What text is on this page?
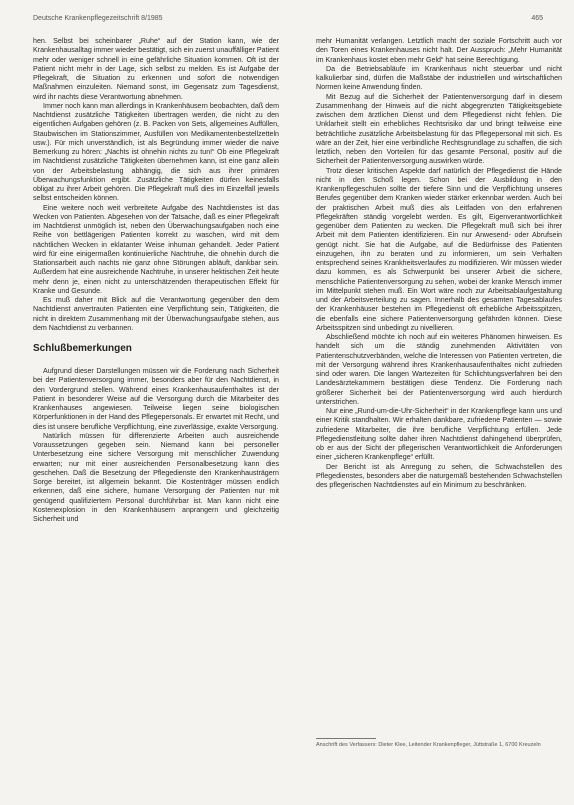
Deutsche Krankenpflegezeitschrift 8/1985	465

hen. Selbst bei scheinbarer „Ruhe“ auf der Station kann, wie der Krankenhausalltag immer wieder bestätigt, sich ein zuerst unauffälliger Patient mehr oder weniger schnell in eine gefährliche Situation kommen. Oft ist der Patient nicht mehr in der Lage, sich selbst zu melden. Es ist Aufgabe der Pflegekraft, die Situation zu erkennen und sofort die notwendigen Maßnahmen einzuleiten. Niemand sonst, im Gegensatz zum Tagesdienst, wird ihr nachts diese Verantwortung abnehmen.

Immer noch kann man allerdings in Krankenhäusern beobachten, daß dem Nachtdienst zusätzliche Tätigkeiten übertragen werden, die nicht zu den eigentlichen Aufgaben gehören (z. B. Packen von Sets, allgemeines Auffüllen, Staubwischen im Stationszimmer, Ausfüllen von Medikamentenbestellzetteln usw.). Für mich unverständlich, ist als Begründung immer wieder die naive Bemerkung zu hören: „Nachts ist ohnehin nichts zu tun!“ Ob eine Pflegekraft im Nachtdienst zusätzliche Tätigkeiten übernehmen kann, ist eine ganz allein von der Arbeitsbelastung abhängig, die sich aus ihrer primären Überwachungsfunktion ergibt. Zusätzliche Tätigkeiten dürfen keinesfalls obligat zu ihrer Arbeit gehören. Die Pflegekraft muß dies im Einzelfall jeweils selbst entscheiden können.

Eine weitere noch weit verbreitete Aufgabe des Nachtdienstes ist das Wecken von Patienten. Abgesehen von der Tatsache, daß es einer Pflegekraft im Nachtdienst unmöglich ist, neben den Überwachungsaufgaben noch eine Reihe von bettlägerigen Patienten korrekt zu waschen, wird mit dem nächtlichen Wecken in eklatanter Weise inhuman gehandelt. Jeder Patient wird für eine einigermaßen kontinuierliche Nachtruhe, die ohnehin durch die Stationsarbeit auch nachts nie ganz ohne Störungen abläuft, dankbar sein. Außerdem hat eine ausreichende Nachtruhe, in unserer hektischen Zeit heute mehr denn je, einen nicht zu unterschätzenden therapeutischen Effekt für Kranke und Gesunde.

Es muß daher mit Blick auf die Verantwortung gegenüber den dem Nachtdienst anvertrauten Patienten eine Verpflichtung sein, Tätigkeiten, die nicht in direktem Zusammenhang mit der Überwachungsaufgabe stehen, aus dem Nachtdienst zu verbannen.

Schlußbemerkungen

Aufgrund dieser Darstellungen müssen wir die Forderung nach Sicherheit bei der Patientenversorgung immer, besonders aber für den Nachtdienst, in den Vordergrund stellen. Während eines Krankenhausaufenthaltes ist der Patient in besonderer Weise auf die Versorgung durch die Mitarbeiter des Krankenhauses angewiesen. Teilweise liegen seine biologischen Körperfunktionen in der Hand des Pflegepersonals. Er erwartet mit Recht, und dies ist unsere berufliche Verpflichtung, eine zuverlässige, exakte Versorgung.

Natürlich müssen für differenzierte Arbeiten auch ausreichende Voraussetzungen gegeben sein. Niemand kann bei personeller Unterbesetzung eine sichere Versorgung mit menschlicher Zuwendung erwarten; nur mit einer ausreichenden Personalbesetzung kann dies geschehen. Daß die Besetzung der Pflegedienste den Krankenhausträgern Sorge bereitet, ist allgemein bekannt. Die Kostenträger müssen endlich erkennen, daß eine sichere, humane Versorgung der Patienten nur mit genügend qualifiziertem Personal durchführbar ist. Man kann nicht eine Kostenexplosion in den Krankenhäusern anprangern und gleichzeitig Sicherheit und

mehr Humanität verlangen. Letztlich macht der soziale Fortschritt auch vor den Toren eines Krankenhauses nicht halt. Der Ausspruch: „Mehr Humanität im Krankenhaus kostet eben mehr Geld“ hat seine Berechtigung.

Da die Betriebsabläufe im Krankenhaus nicht steuerbar und nicht kalkulierbar sind, dürfen die Maßstäbe der industriellen und wirtschaftlichen Normen keine Anwendung finden.

Mit Bezug auf die Sicherheit der Patientenversorgung darf in diesem Zusammenhang der Hinweis auf die nicht abgegrenzten Tätigkeitsgebiete zwischen dem ärztlichen Dienst und dem Pflegedienst nicht fehlen. Die Unklarheit stellt ein erhebliches Rechtsrisiko dar und bringt teilweise eine beträchtliche zusätzliche Arbeitsbelastung für das Pflegepersonal mit sich. Es wäre an der Zeit, hier eine verbindliche Rechtsgrundlage zu schaffen, die sich letztlich, neben den Vorteilen für das gesamte Personal, positiv auf die Sicherheit der Patientenversorgung auswirken würde.

Trotz dieser kritischen Aspekte darf natürlich der Pflegedienst die Hände nicht in den Schoß legen. Schon bei der Ausbildung in den Krankenpflegeschulen sollte der tiefere Sinn und die Verpflichtung unseres Berufes gegenüber dem Kranken wieder stärker erkennbar werden. Auch bei der praktischen Arbeit muß dies als Leitfaden von den erfahrenen Pflegekräften ständig vorgelebt werden. Es gilt, Eigenverantwortlichkeit gegenüber dem Patienten zu wecken. Die Pflegekraft muß sich bei ihrer Arbeit mit dem Patienten identifizieren. Ein nur Anwesend- oder Abrufsein genügt nicht. Sie hat die Aufgabe, auf die Bedürfnisse des Patienten einzugehen, ihn zu beraten und zu informieren, um sein Verhalten entsprechend seines Krankheitsverlaufes zu modifizieren. Wir müssen wieder dazu kommen, es als Schwerpunkt bei unserer Arbeit die sichere, menschliche Patientenversorgung zu sehen, wobei der kranke Mensch immer im Mittelpunkt stehen muß. Ein Wort wäre noch zur Arbeitsablaufgestaltung und der Arbeitsverteilung zu sagen. Innerhalb des gesamten Tagesablaufes der Krankenhäuser bestehen im Pflegedienst oft erhebliche Arbeitsspitzen, die ebenfalls eine sichere Patientenversorgung gefährden können. Diese Arbeitsspitzen sind unbedingt zu nivellieren.

Abschließend möchte ich noch auf ein weiteres Phänomen hinweisen. Es handelt sich um die ständig zunehmenden Aktivitäten von Patientenschutzverbänden, welche die Interessen von Patienten vertreten, die mit der Versorgung während ihres Krankenhausaufenthaltes nicht zufrieden sind oder waren. Die langen Wartezeiten für Schlichtungsverfahren bei den Landesärztekammern bestätigen diese Tendenz. Die Forderung nach größerer Sicherheit bei der Patientenversorgung wird auch hierdurch unterstrichen.

Nur eine „Rund-um-die-Uhr-Sicherheit“ in der Krankenpflege kann uns und einer Kritik standhalten. Wir erhalten dankbare, zufriedene Patienten — sowie zufriedene Mitarbeiter, die ihre berufliche Verpflichtung erfüllen. Jede Pflegedienstleitung sollte daher ihren Nachtdienst dahingehend überprüfen, ob er aus der Sicht der pflegerischen Verantwortlichkeit die Anforderungen einer „sicheren Krankenpflege“ erfüllt.

Der Bericht ist als Anregung zu sehen, die Schwachstellen des Pflegedienstes, besonders aber die naturgemäß bestehenden Schwachstellen des pflegerischen Nachtdienstes auf ein Minimum zu beschränken.

Anschrift des Verfassers: Dieter Klee, Leitender Krankenpfleger, Jüttstraße 1, 6700 Kreuzeln
